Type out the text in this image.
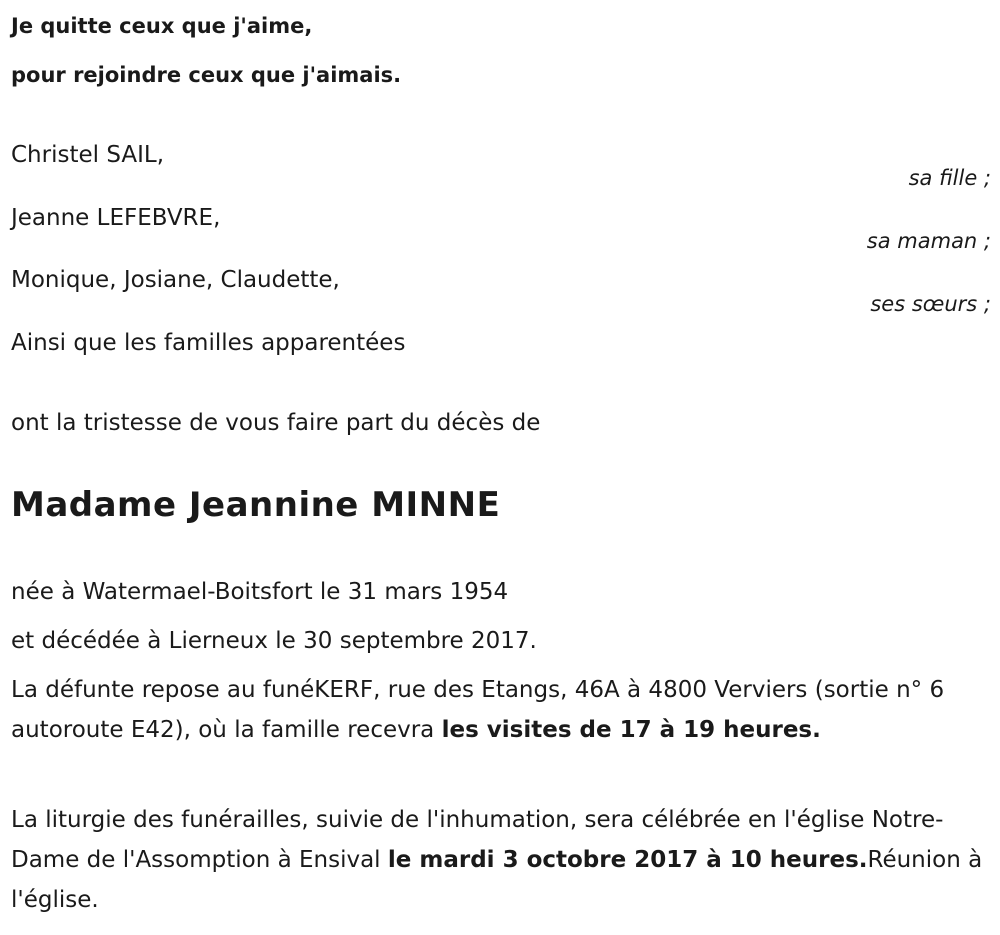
Je quitte ceux que j'aime,

pour rejoindre ceux que j'aimais.

Christel SAIL,
sa fille ;
Jeanne LEFEBVRE,
sa maman ;
Monique, Josiane, Claudette,
ses sœurs ;
Ainsi que les familles apparentées
ont la tristesse de vous faire part du décès de
Madame Jeannine MINNE
née à Watermael-Boitsfort le 31 mars 1954
et décédée à Lierneux le 30 septembre 2017.
La défunte repose au funéKERF, rue des Etangs, 46A à 4800 Verviers (sortie n° 6 autoroute E42), où la famille recevra les visites de 17 à 19 heures.
La liturgie des funérailles, suivie de l'inhumation, sera célébrée en l'église Notre-Dame de l'Assomption à Ensival le mardi 3 octobre 2017 à 10 heures.Réunion à l'église.
